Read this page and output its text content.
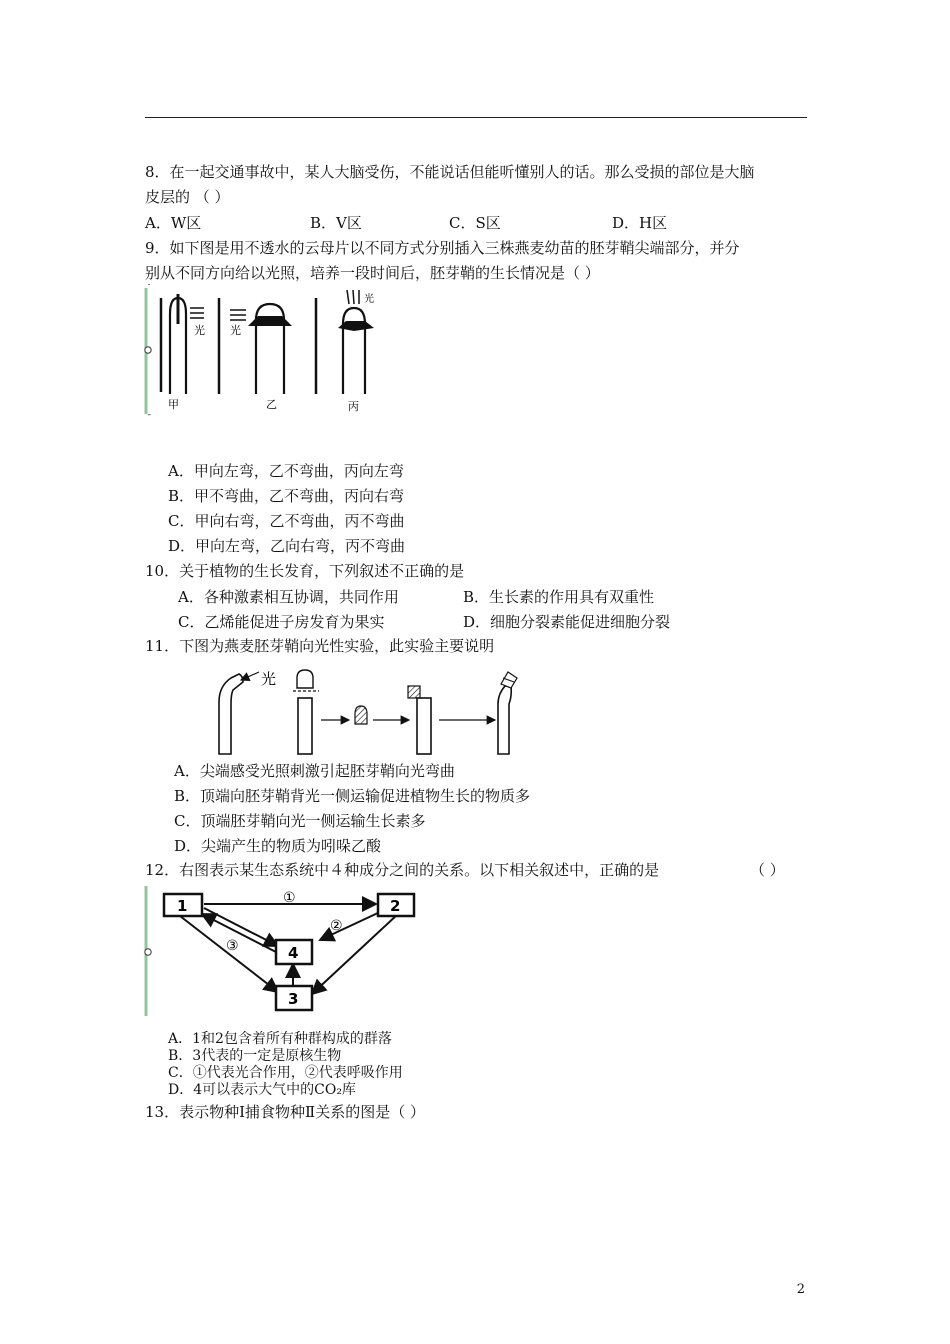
8．在一起交通事故中，某人大脑受伤，不能说话但能听懂别人的话。那么受损的部位是大脑
皮层的 （ ）
A．W区	B．V区	C．S区	D．H区
9．如下图是用不透水的云母片以不同方式分别插入三株燕麦幼苗的胚芽鞘尖端部分，并分
别从不同方向给以光照，培养一段时间后，胚芽鞘的生长情况是（ ）
ˇ
ˉ
光
甲
光
乙
光
丙
A．甲向左弯，乙不弯曲，丙向左弯
B．甲不弯曲，乙不弯曲，丙向右弯
C．甲向右弯，乙不弯曲，丙不弯曲
D．甲向左弯，乙向右弯，丙不弯曲
10．关于植物的生长发育，下列叙述不正确的是
A．各种激素相互协调，共同作用	B．生长素的作用具有双重性
C．乙烯能促进子房发育为果实	D．细胞分裂素能促进细胞分裂
11．下图为燕麦胚芽鞘向光性实验，此实验主要说明
光
A．尖端感受光照刺激引起胚芽鞘向光弯曲
B．顶端向胚芽鞘背光一侧运输促进植物生长的物质多
C．顶端胚芽鞘向光一侧运输生长素多
D．尖端产生的物质为吲哚乙酸
12．右图表示某生态系统中４种成分之间的关系。以下相关叙述中，正确的是	（ ）
1	2
4
3
①
②
③
A．1和2包含着所有种群构成的群落
B．3代表的一定是原核生物
C．①代表光合作用，②代表呼吸作用
D．4可以表示大气中的CO₂库
13．表示物种Ⅰ捕食物种Ⅱ关系的图是（ ）
2
